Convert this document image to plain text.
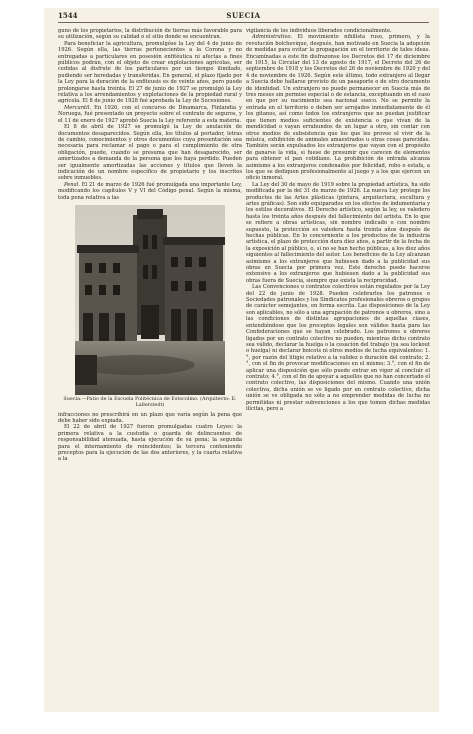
1544	SUECIA

guno de los propietarios, la distribución de tierras más favorable para su utilización, según su calidad o el sitio donde se encuentran.

Para beneficiar la agricultura, promulgóse la Ley del 4 de junio de 1926. Según ella, las tierras pertenecientes a la Corona y no entregadas a particulares en posesión enfitéutica ni afectas a fines públicos podrán, con el objeto de crear explotaciones agrícolas, ser cedidas al disfrute de los particulares por un tiempo ilimitado, pudiendo ser heredadas y transferidas. En general, el plazo fijado por la Ley para la duración de la enfiteusis es de veinte años, pero puede prolongarse hasta treinta. El 27 de junio de 1927 se promulgó la Ley relativa a los arrendamientos y explotaciones de la propiedad rural y agrícola. El 8 de junio de 1928 fué aprobada la Ley de Sucesiones.

Mercantil. En 1926, con el concurso de Dinamarca, Finlandia y Noruega, fué presentado un proyecto sobre el contrato de seguros, y el 11 de enero de 1927 aprobó Suecia la Ley referente a esta materia.

El 8 de abril de 1927 se promulgó la Ley de anulación de documentos desaparecidos. Según ella, los títulos al portador, letras de cambio, conocimientos y otros documentos cuya presentación sea necesaria para reclamar el pago o para el cumplimiento de otra obligación, puede, cuando se presuma que han desaparecido, ser amortizados a demanda de la persona que los haya perdido. Pueden ser igualmente amortizadas las acciones y títulos que lleven la indicación de un nombre específico de propietario y los inscritos sobre inmuebles.

Penal. El 21 de marzo de 1926 fué promulgada una importante Ley, modificando los capítulos V y VI del Código penal. Según la misma, toda pena relativa a las

Suecia.—Patio de la Escuela Politécnica de Estocolmo. (Arquitecto: E. Lallerstedt)

infracciones no prescribirá en un plazo que varía según la pena que debe haber sido expiada.

El 22 de abril de 1927 fueron promulgadas cuatro Leyes: la primera relativa a la custodia o guarda de delincuentes de responsabilidad atenuada, hasta ejecución de su pena; la segunda para el internamiento de reincidentes; la tercera conteniendo preceptos para la ejecución de las dos anteriores, y la cuarta relativa a la

vigilancia de los individuos liberados condicionalmente.

Administrativo. El movimiento nihilista ruso, primero, y la revolución bolchevique, después, han motivado en Suecia la adopción de medidas para evitar la propagación en el territorio de tales ideas. Encamínadas a este fin disfrazonse los Decretos del 17 de diciembre de 1915, la Circular del 13 de agosto de 1917, el Decreto del 26 de septiembre de 1918 y los Decretos del 26 de noviembre de 1920 y del 4 de noviembre de 1926. Según este último, todo extranjero al llegar a Suecia debe hallarse provisto de un pasaporte o de otro documento de identidad. Un extranjero no puede permanecer en Suecia más de tres meses sin permiso especial o de estancia, exceptuando en el caso en que por su nacimiento sea nacional sueco. No se permite la entrada en el territorio o deben ser arrojados inmediatamente de él los gitanos, así como todos los extranjeros que no puedan justificar que tienen medios suficientes de existencia o que vivan de la mendicidad o vayan errabundos de un lugar a otro, sin contar con otros medios de subsistencia que los que les provee el vivir de la música, exhibición de animales amaestrados u otras cosas parecidas. También serán expulsados los extranjeros que vayan con el propósito de ganarse la vida, si fuese de presumir que carecen de elementos para obtener el pan cotidiano. La prohibición de entrada alcanza asimismo a los extranjeros condenados por felicidad, robo o estafa, a los que se dediquen profesionalmente al juego y a los que ejercen un oficio inmoral.

La Ley del 30 de mayo de 1919 sobre la propiedad artística, ha sido modificada por la del 31 de marzo de 1926. La nueva Ley protege los productos de las Artes plásticas (pintura, arquitectura, escultura y artes gráficas). Son sido equiparados en los efectos de indumentaria y los estilos decorativos. El Derecho artístico, según la ley, es valedero hasta los treinta años después del fallecimiento del artista. En lo que se refiere a obras artísticas, sin nombre indicado o con nombre supuesto, la protección es valedera hasta treinta años después de hechas públicas. En lo concerniente a los productos de la industria artística, el plazo de protección dura diez años, a partir de la fecha de la exposición al público, o, si no se han hecho públicas, a los diez años siguientes al fallecimiento del autor. Los beneficios de la Ley alcanzan asimismo a los extranjeros que hubiesen dado a la publicidad sus obras en Suecia por primera vez. Este derecho puede hacerse extensivo a los extranjeros que hubiesen dado a la publicidad sus obras fuera de Suecia, siempre que exista la reciprocidad.

Las Convenciones o contratos colectivos están regulados por la Ley del 22 de junio de 1928. Pueden celebrarlos los patronos o Sociedades patronales y los Sindicatos profesionales obreros o grupos de carácter semejantes, en forma escrita. Las disposiciones de la Ley son aplicables, no sólo a una agrupación de patronos u obreros, sino a las condiciones de distintas agrupaciones de aquellas clases, entendiéndose que los preceptos legales son válidos hasta para las Confederaciones que se hayan celebrado. Los patronos u obreros ligados por un contrato colectivo no pueden, mientras dicho contrato sea válido, declarar la huelga o la cesación del trabajo (ya sea lockout o huelga) ni declarar boicots ni otros medios de lucha equivalentes: 1.°, por razón del litigio relativo a la validez o duración del contrato; 2.°, con el fin de provocar modificaciones en el mismo; 3.°, con el fin de aplicar una disposición que sólo puede entrar en vigor al concluir el contrato; 4.°, con el fin de apoyar a aquellos que no han concertado el contrato colectivo, las disposiciones del mismo. Cuando una unión colectiva, dicha unión se ve ligado por un contrato colectivo, dicha unión se ve obligada no sólo a no emprender medidas de lucha no permitidas ni prestar subvenciones a los que tomen dichas medidas ilícitas, pero a
